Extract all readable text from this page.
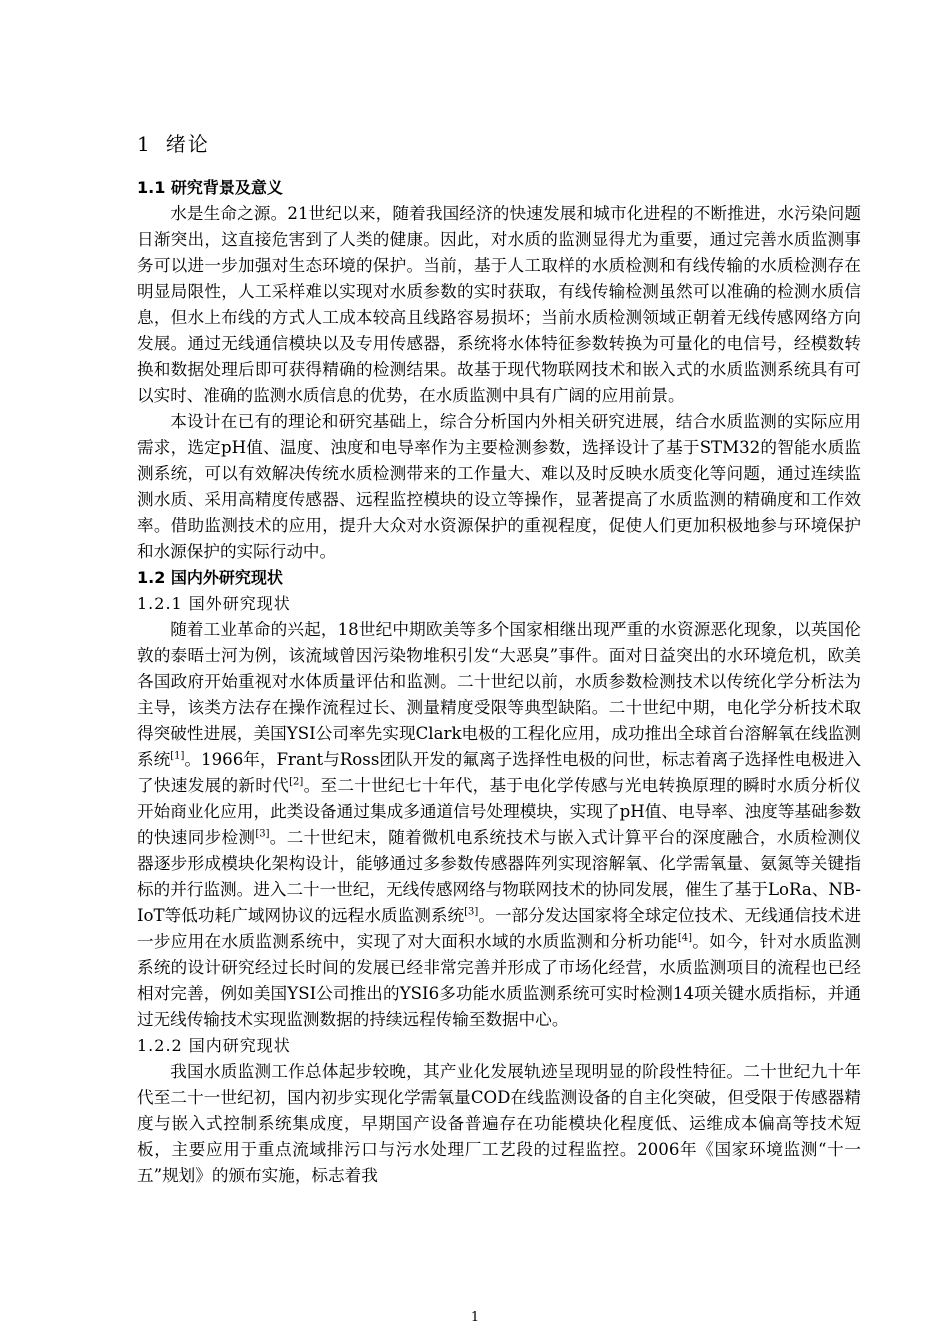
1 绪论
1.1 研究背景及意义

水是生命之源。21世纪以来，随着我国经济的快速发展和城市化进程的不断推进，水污染问题日渐突出，这直接危害到了人类的健康。因此，对水质的监测显得尤为重要，通过完善水质监测事务可以进一步加强对生态环境的保护。当前，基于人工取样的水质检测和有线传输的水质检测存在明显局限性，人工采样难以实现对水质参数的实时获取，有线传输检测虽然可以准确的检测水质信息，但水上布线的方式人工成本较高且线路容易损坏；当前水质检测领域正朝着无线传感网络方向发展。通过无线通信模块以及专用传感器，系统将水体特征参数转换为可量化的电信号，经模数转换和数据处理后即可获得精确的检测结果。故基于现代物联网技术和嵌入式的水质监测系统具有可以实时、准确的监测水质信息的优势，在水质监测中具有广阔的应用前景。

本设计在已有的理论和研究基础上，综合分析国内外相关研究进展，结合水质监测的实际应用需求，选定pH值、温度、浊度和电导率作为主要检测参数，选择设计了基于STM32的智能水质监测系统，可以有效解决传统水质检测带来的工作量大、难以及时反映水质变化等问题，通过连续监测水质、采用高精度传感器、远程监控模块的设立等操作，显著提高了水质监测的精确度和工作效率。借助监测技术的应用，提升大众对水资源保护的重视程度，促使人们更加积极地参与环境保护和水源保护的实际行动中。

1.2 国内外研究现状
1.2.1 国外研究现状

随着工业革命的兴起，18世纪中期欧美等多个国家相继出现严重的水资源恶化现象，以英国伦敦的泰晤士河为例，该流域曾因污染物堆积引发“大恶臭”事件。面对日益突出的水环境危机，欧美各国政府开始重视对水体质量评估和监测。二十世纪以前，水质参数检测技术以传统化学分析法为主导，该类方法存在操作流程过长、测量精度受限等典型缺陷。二十世纪中期，电化学分析技术取得突破性进展，美国YSI公司率先实现Clark电极的工程化应用，成功推出全球首台溶解氧在线监测系统[1]。1966年，Frant与Ross团队开发的氟离子选择性电极的问世，标志着离子选择性电极进入了快速发展的新时代[2]。至二十世纪七十年代，基于电化学传感与光电转换原理的瞬时水质分析仪开始商业化应用，此类设备通过集成多通道信号处理模块，实现了pH值、电导率、浊度等基础参数的快速同步检测[3]。二十世纪末，随着微机电系统技术与嵌入式计算平台的深度融合，水质检测仪器逐步形成模块化架构设计，能够通过多参数传感器阵列实现溶解氧、化学需氧量、氨氮等关键指标的并行监测。进入二十一世纪，无线传感网络与物联网技术的协同发展，催生了基于LoRa、NB-IoT等低功耗广域网协议的远程水质监测系统[3]。一部分发达国家将全球定位技术、无线通信技术进一步应用在水质监测系统中，实现了对大面积水域的水质监测和分析功能[4]。如今，针对水质监测系统的设计研究经过长时间的发展已经非常完善并形成了市场化经营，水质监测项目的流程也已经相对完善，例如美国YSI公司推出的YSI6多功能水质监测系统可实时检测14项关键水质指标，并通过无线传输技术实现监测数据的持续远程传输至数据中心。

1.2.2 国内研究现状

我国水质监测工作总体起步较晚，其产业化发展轨迹呈现明显的阶段性特征。二十世纪九十年代至二十一世纪初，国内初步实现化学需氧量COD在线监测设备的自主化突破，但受限于传感器精度与嵌入式控制系统集成度，早期国产设备普遍存在功能模块化程度低、运维成本偏高等技术短板，主要应用于重点流域排污口与污水处理厂工艺段的过程监控。2006年《国家环境监测“十一五”规划》的颁布实施，标志着我

1
